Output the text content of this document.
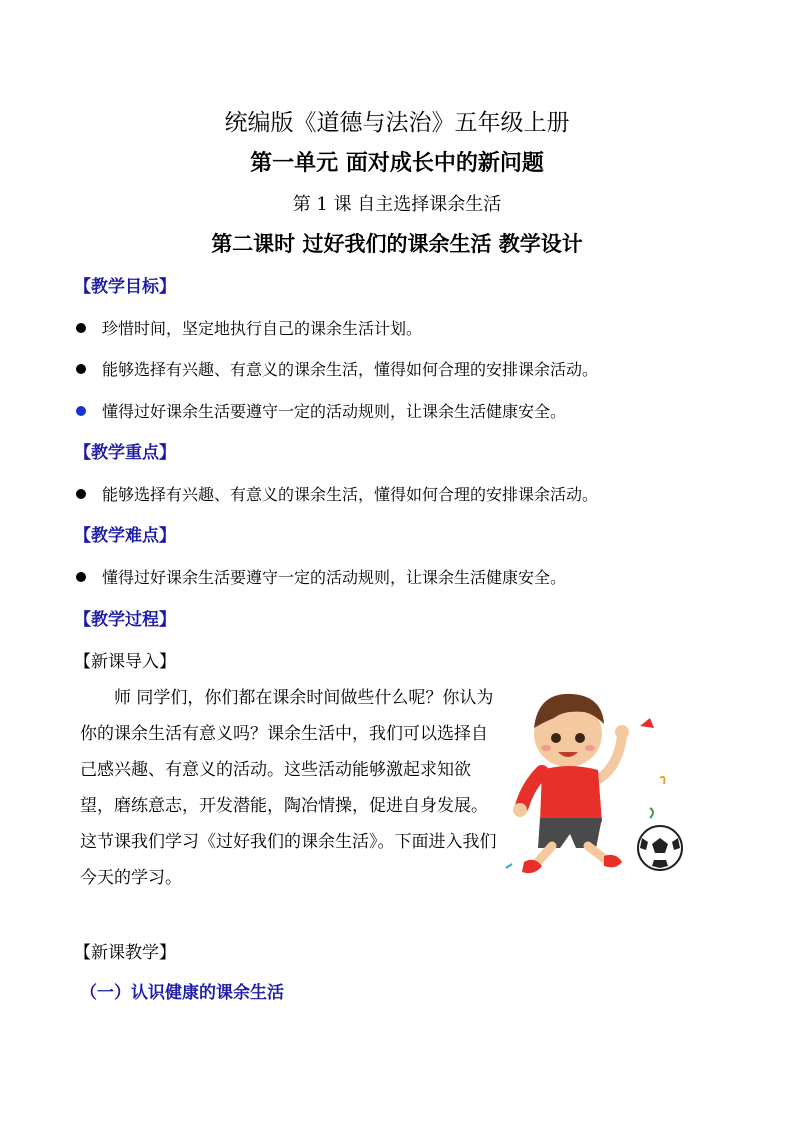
统编版《道德与法治》五年级上册
第一单元 面对成长中的新问题
第 1 课 自主选择课余生活
第二课时 过好我们的课余生活 教学设计
【教学目标】
珍惜时间，坚定地执行自己的课余生活计划。
能够选择有兴趣、有意义的课余生活，懂得如何合理的安排课余活动。
懂得过好课余生活要遵守一定的活动规则，让课余生活健康安全。
【教学重点】
能够选择有兴趣、有意义的课余生活，懂得如何合理的安排课余活动。
【教学难点】
懂得过好课余生活要遵守一定的活动规则，让课余生活健康安全。
【教学过程】
【新课导入】
师 同学们，你们都在课余时间做些什么呢？你认为你的课余生活有意义吗？课余生活中，我们可以选择自己感兴趣、有意义的活动。这些活动能够激起求知欲望，磨练意志，开发潜能，陶冶情操，促进自身发展。这节课我们学习《过好我们的课余生活》。下面进入我们今天的学习。
【新课教学】
（一）认识健康的课余生活
